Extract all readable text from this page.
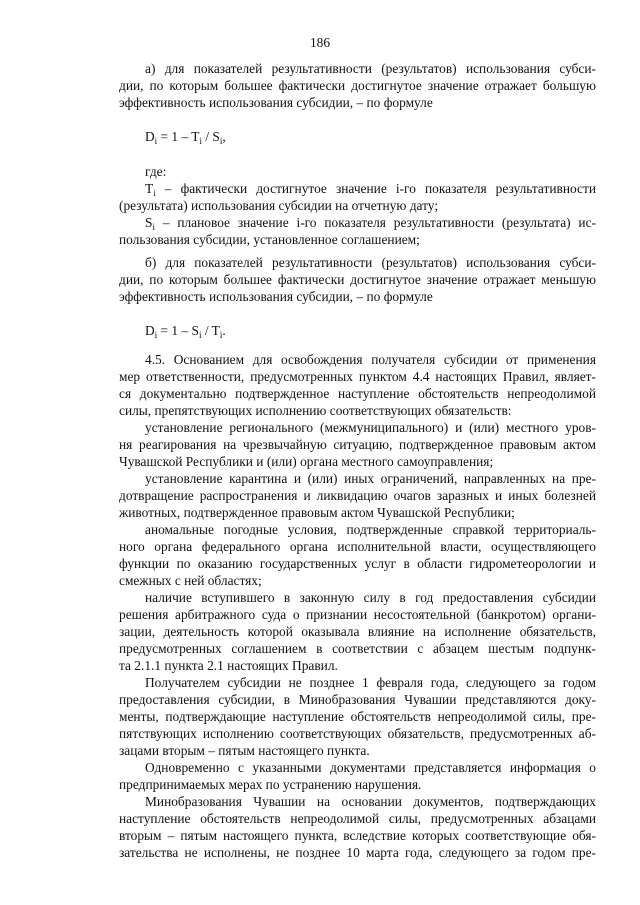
186

а) для показателей результативности (результатов) использования субси-

дии, по которым большее фактически достигнутое значение отражает большую

эффективность использования субсидии, – по формуле

$D_i = 1 - T_i / S_i$,

где:

$T_i$ – фактически достигнутое значение i-го показателя результативности

(результата) использования субсидии на отчетную дату;

$S_i$ – плановое значение i-го показателя результативности (результата) ис-

пользования субсидии, установленное соглашением;

б) для показателей результативности (результатов) использования субси-

дии, по которым большее фактически достигнутое значение отражает меньшую

эффективность использования субсидии, – по формуле

$D_i = 1 - S_i / T_i$.

4.5. Основанием для освобождения получателя субсидии от применения

мер ответственности, предусмотренных пунктом 4.4 настоящих Правил, являет-

ся документально подтвержденное наступление обстоятельств непреодолимой

силы, препятствующих исполнению соответствующих обязательств:

установление регионального (межмуниципального) и (или) местного уров-

ня реагирования на чрезвычайную ситуацию, подтвержденное правовым актом

Чувашской Республики и (или) органа местного самоуправления;

установление карантина и (или) иных ограничений, направленных на пре-

дотвращение распространения и ликвидацию очагов заразных и иных болезней

животных, подтвержденное правовым актом Чувашской Республики;

аномальные погодные условия, подтвержденные справкой территориаль-

ного органа федерального органа исполнительной власти, осуществляющего

функции по оказанию государственных услуг в области гидрометеорологии и

смежных с ней областях;

наличие вступившего в законную силу в год предоставления субсидии

решения арбитражного суда о признании несостоятельной (банкротом) органи-

зации, деятельность которой оказывала влияние на исполнение обязательств,

предусмотренных соглашением в соответствии с абзацем шестым подпунк-

та 2.1.1 пункта 2.1 настоящих Правил.

Получателем субсидии не позднее 1 февраля года, следующего за годом

предоставления субсидии, в Минобразования Чувашии представляются доку-

менты, подтверждающие наступление обстоятельств непреодолимой силы, пре-

пятствующих исполнению соответствующих обязательств, предусмотренных аб-

зацами вторым – пятым настоящего пункта.

Одновременно с указанными документами представляется информация о

предпринимаемых мерах по устранению нарушения.

Минобразования Чувашии на основании документов, подтверждающих

наступление обстоятельств непреодолимой силы, предусмотренных абзацами

вторым – пятым настоящего пункта, вследствие которых соответствующие обя-

зательства не исполнены, не позднее 10 марта года, следующего за годом пре-
